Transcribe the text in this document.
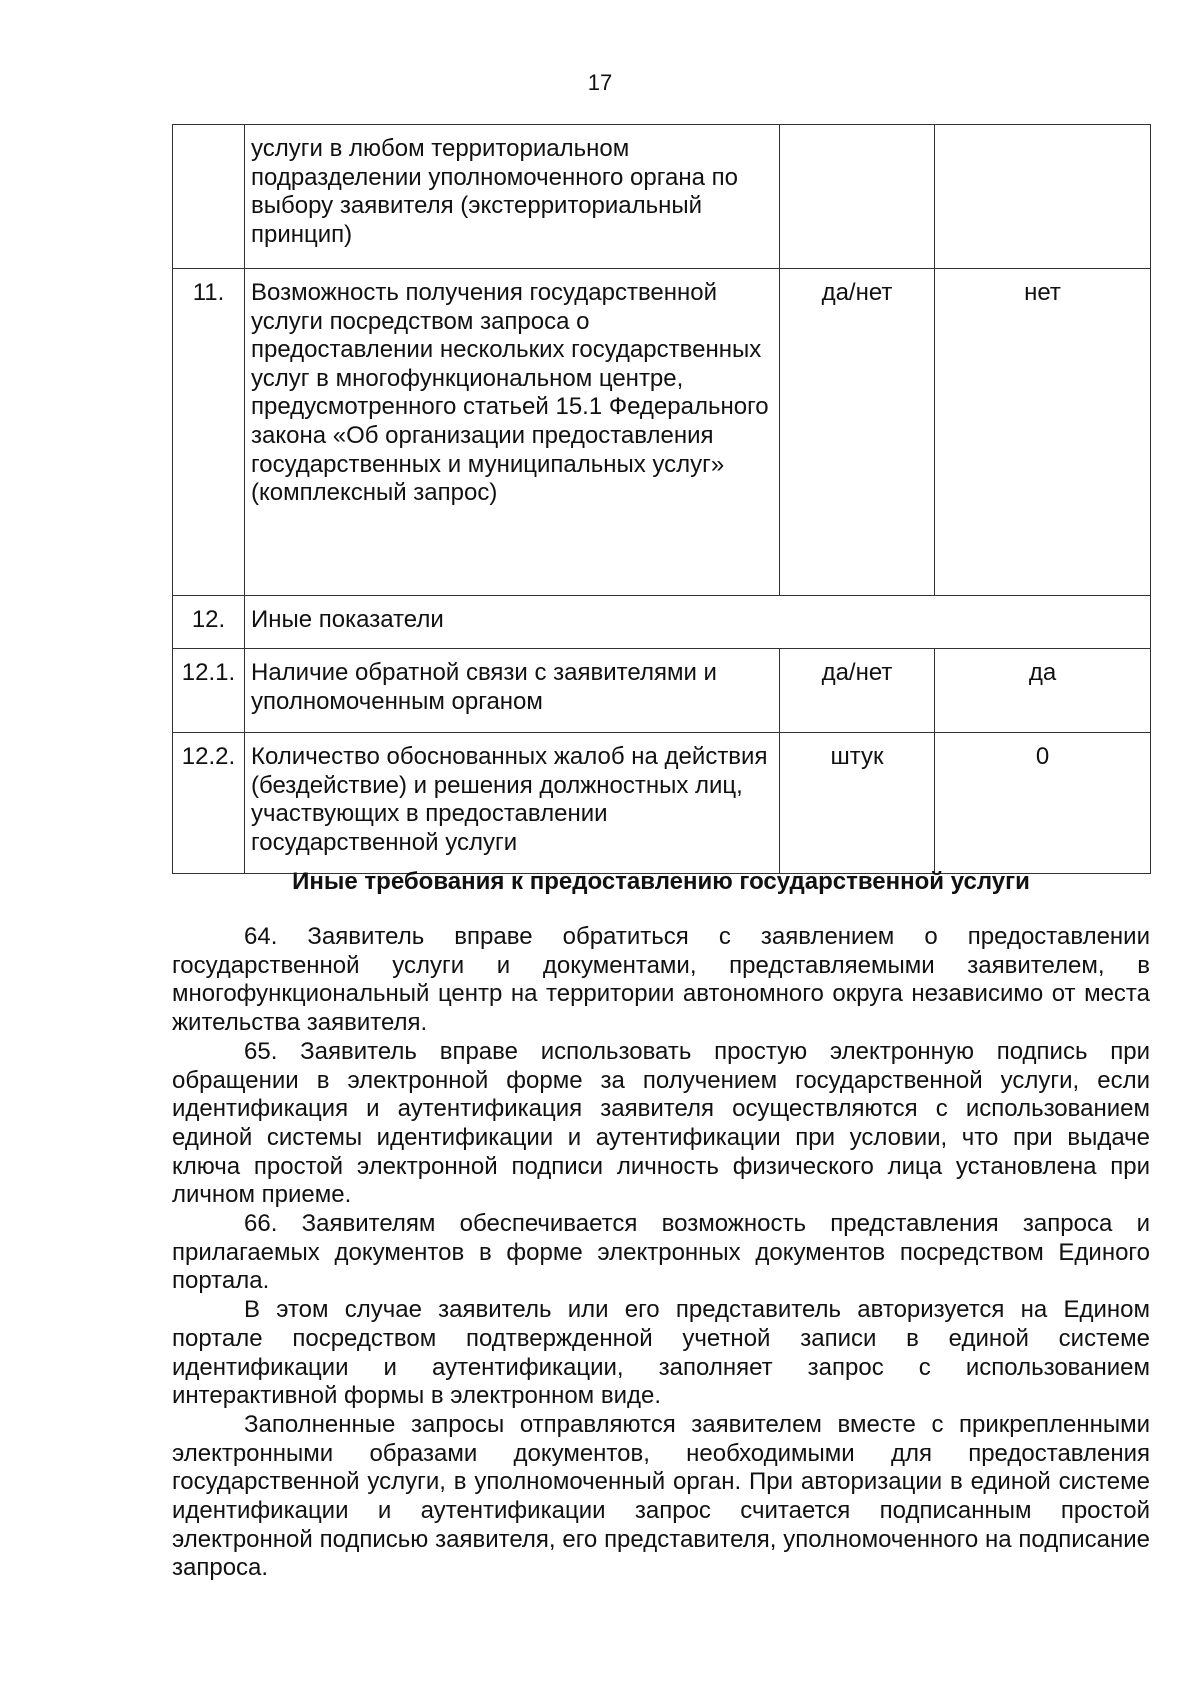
17
	услуги в любом территориальном подразделении уполномоченного органа по выбору заявителя (экстерриториальный принцип)		
11.	Возможность получения государственной услуги посредством запроса о предоставлении нескольких государственных услуг в многофункциональном центре, предусмотренного статьей 15.1 Федерального закона «Об организации предоставления государственных и муниципальных услуг» (комплексный запрос)	да/нет	нет
12.	Иные показатели		
12.1.	Наличие обратной связи с заявителями и уполномоченным органом	да/нет	да
12.2.	Количество обоснованных жалоб на действия (бездействие) и решения должностных лиц, участвующих в предоставлении государственной услуги	штук	0
Иные требования к предоставлению государственной услуги

64. Заявитель вправе обратиться с заявлением о предоставлении государственной услуги и документами, представляемыми заявителем, в многофункциональный центр на территории автономного округа независимо от места жительства заявителя.

65. Заявитель вправе использовать простую электронную подпись при обращении в электронной форме за получением государственной услуги, если идентификация и аутентификация заявителя осуществляются с использованием единой системы идентификации и аутентификации при условии, что при выдаче ключа простой электронной подписи личность физического лица установлена при личном приеме.

66. Заявителям обеспечивается возможность представления запроса и прилагаемых документов в форме электронных документов посредством Единого портала.

В этом случае заявитель или его представитель авторизуется на Едином портале посредством подтвержденной учетной записи в единой системе идентификации и аутентификации, заполняет запрос с использованием интерактивной формы в электронном виде.

Заполненные запросы отправляются заявителем вместе с прикрепленными электронными образами документов, необходимыми для предоставления государственной услуги, в уполномоченный орган. При авторизации в единой системе идентификации и аутентификации запрос считается подписанным простой электронной подписью заявителя, его представителя, уполномоченного на подписание запроса.
